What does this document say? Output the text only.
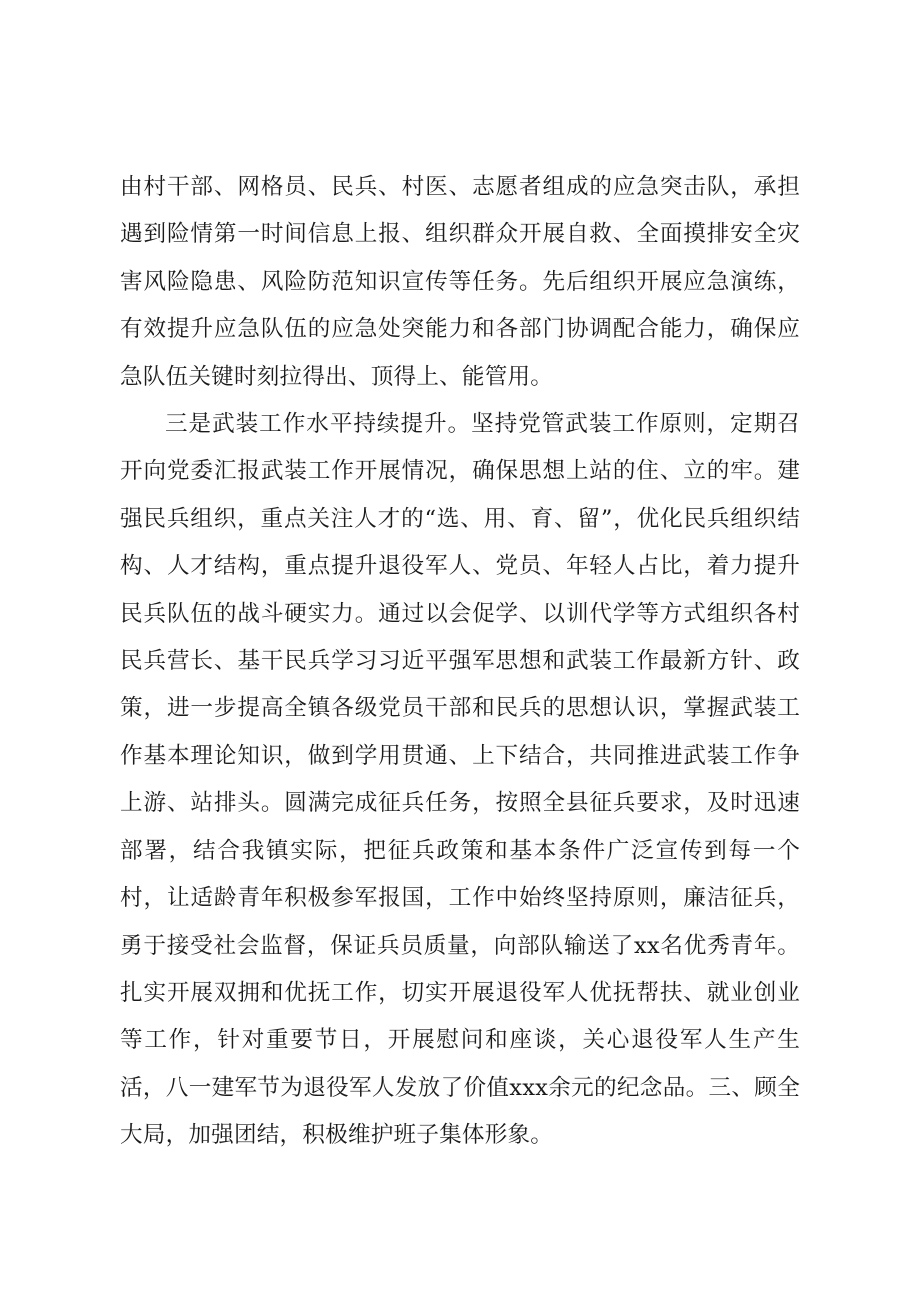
由村干部、网格员、民兵、村医、志愿者组成的应急突击队，承担遇到险情第一时间信息上报、组织群众开展自救、全面摸排安全灾害风险隐患、风险防范知识宣传等任务。先后组织开展应急演练，有效提升应急队伍的应急处突能力和各部门协调配合能力，确保应急队伍关键时刻拉得出、顶得上、能管用。

三是武装工作水平持续提升。坚持党管武装工作原则，定期召开向党委汇报武装工作开展情况，确保思想上站的住、立的牢。建强民兵组织，重点关注人才的“选、用、育、留”，优化民兵组织结构、人才结构，重点提升退役军人、党员、年轻人占比，着力提升民兵队伍的战斗硬实力。通过以会促学、以训代学等方式组织各村民兵营长、基干民兵学习习近平强军思想和武装工作最新方针、政策，进一步提高全镇各级党员干部和民兵的思想认识，掌握武装工作基本理论知识，做到学用贯通、上下结合，共同推进武装工作争上游、站排头。圆满完成征兵任务，按照全县征兵要求，及时迅速部署，结合我镇实际，把征兵政策和基本条件广泛宣传到每一个村，让适龄青年积极参军报国，工作中始终坚持原则，廉洁征兵，勇于接受社会监督，保证兵员质量，向部队输送了xx名优秀青年。扎实开展双拥和优抚工作，切实开展退役军人优抚帮扶、就业创业等工作，针对重要节日，开展慰问和座谈，关心退役军人生产生活，八一建军节为退役军人发放了价值xxx余元的纪念品。三、顾全大局，加强团结，积极维护班子集体形象。
